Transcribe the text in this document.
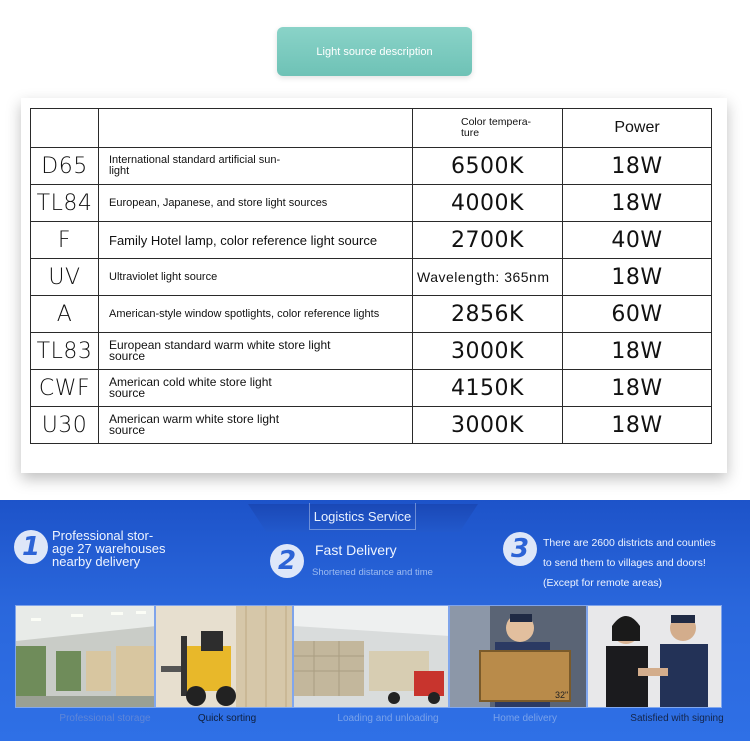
Light source description
		Color tempera-
ture	Power
D65	International standard artificial sun-
light	6500K	18W
TL84	European, Japanese, and store light sources	4000K	18W
F	Family Hotel lamp, color reference light source	2700K	40W
UV	Ultraviolet light source	Wavelength: 365nm	18W
A	American-style window spotlights, color reference lights	2856K	60W
TL83	European standard warm white store light
source	3000K	18W
CWF	American cold white store light
source	4150K	18W
U30	American warm white store light
source	3000K	18W
Logistics Service
1 Professional stor-
age 27 warehouses
nearby delivery	2	Fast Delivery
Shortened distance and time
3	There are 2600 districts and counties
to send them to villages and doors!
(Except for remote areas)
32"
Professional storage	Quick sorting	Loading and unloading	Home delivery	Satisfied with signing
